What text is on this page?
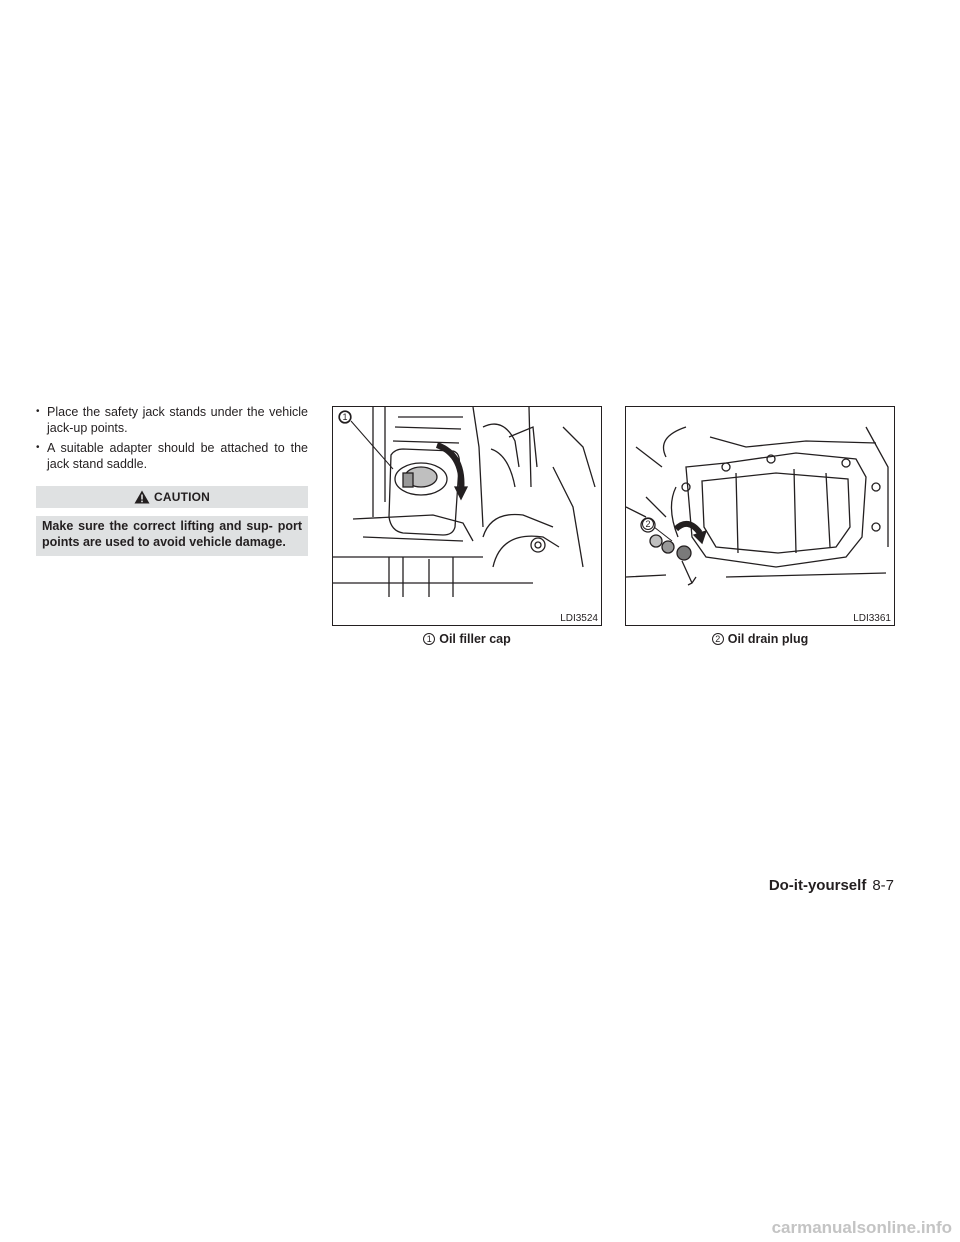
• Place the safety jack stands under the vehicle jack-up points.
• A suitable adapter should be attached to the jack stand saddle.
CAUTION
Make sure the correct lifting and sup- port points are used to avoid vehicle damage.
1
LDI3524
1 Oil filler cap
2
LDI3361
2 Oil drain plug
Do-it-yourself 8-7
carmanualsonline.info
